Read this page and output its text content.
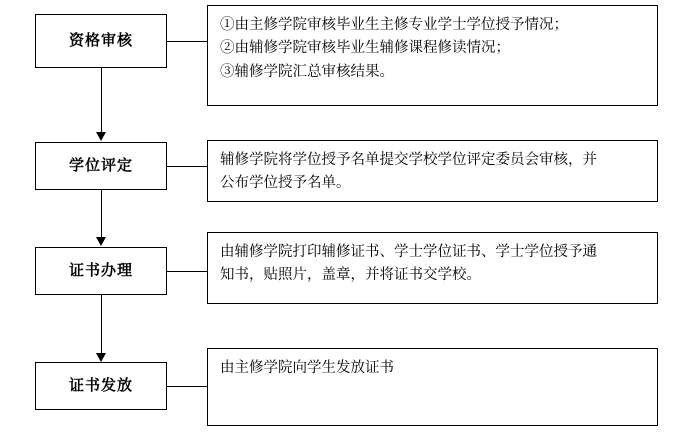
资格审核
①由主修学院审核毕业生主修专业学士学位授予情况；
②由辅修学院审核毕业生辅修课程修读情况；
③辅修学院汇总审核结果。
学位评定	辅修学院将学位授予名单提交学校学位评定委员会审核，并
公布学位授予名单。
证书办理
由辅修学院打印辅修证书、学士学位证书、学士学位授予通
知书，贴照片，盖章，并将证书交学校。
证书发放
由主修学院向学生发放证书
